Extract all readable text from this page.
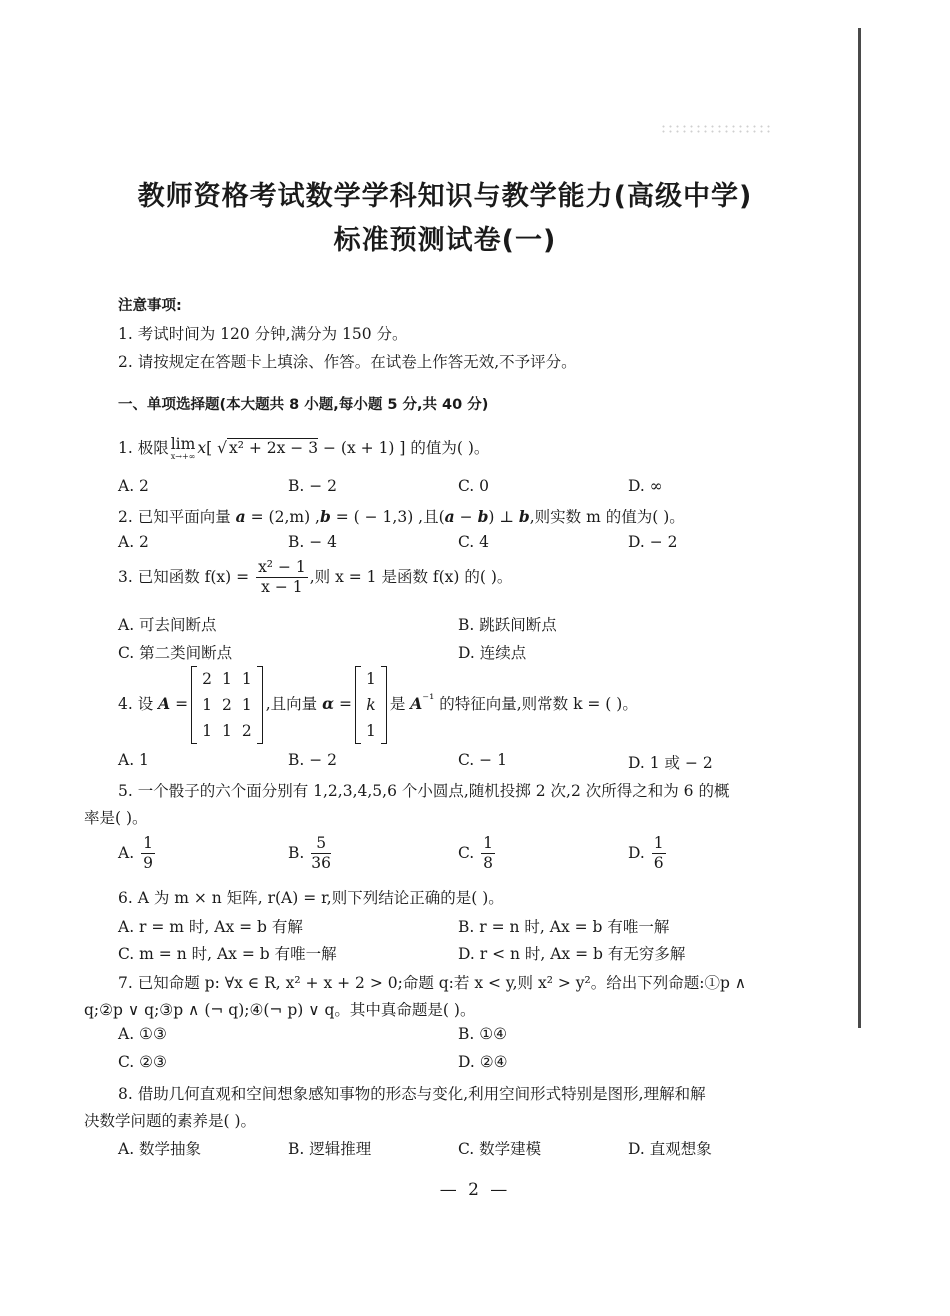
教师资格考试数学学科知识与教学能力(高级中学)
标准预测试卷(一)
注意事项:
1. 考试时间为 120 分钟,满分为 150 分。
2. 请按规定在答题卡上填涂、作答。在试卷上作答无效,不予评分。
一、单项选择题(本大题共 8 小题,每小题 5 分,共 40 分)
1. 极限 lim
x→+∞ x[ √ x² + 2x − 3 − (x + 1) ] 的值为( )。
A. 2	B. − 2	C. 0	D. ∞
2. 已知平面向量 a = (2,m) ,b = ( − 1,3) ,且(a − b) ⊥ b,则实数 m 的值为( )。
A. 2	B. − 4	C. 4	D. − 2
3. 已知函数 $f(x) = \frac{\text{x² − 1}}{x - 1}$ ,则 x = 1 是函数 f(x) 的( )。
A. 可去间断点	B. 跳跃间断点
C. 第二类间断点	D. 连续点
4. 设 A =
2	1	1
1	2	1
1	1	2
,且向量 α =
1
k
1
是 $A^{^{-1}}$ 的特征向量,则常数 k = ( )。
A. 1	B. − 2	C. − 1	D. 1 或 − 2
5. 一个骰子的六个面分别有 1,2,3,4,5,6 个小圆点,随机投掷 2 次,2 次所得之和为 6 的概
率是( )。
A. $\frac{1}{9}$	B. $\frac{5}{36}$	C. $\frac{1}{8}$	D. $\frac{1}{6}$
6. A 为 m × n 矩阵, r(A) = r,则下列结论正确的是( )。
A. r = m 时, Ax = b 有解	B. r = n 时, Ax = b 有唯一解
C. m = n 时, Ax = b 有唯一解	D. r < n 时, Ax = b 有无穷多解
7. 已知命题 p: ∀x ∈ R, x² + x + 2 > 0;命题 q:若 x < y,则 x² > y²。给出下列命题:①p ∧
q;②p ∨ q;③p ∧ (¬ q);④(¬ p) ∨ q。其中真命题是( )。
A. ①③	B. ①④
C. ②③	D. ②④
8. 借助几何直观和空间想象感知事物的形态与变化,利用空间形式特别是图形,理解和解
决数学问题的素养是( )。
A. 数学抽象	B. 逻辑推理	C. 数学建模	D. 直观想象
— 2 —
